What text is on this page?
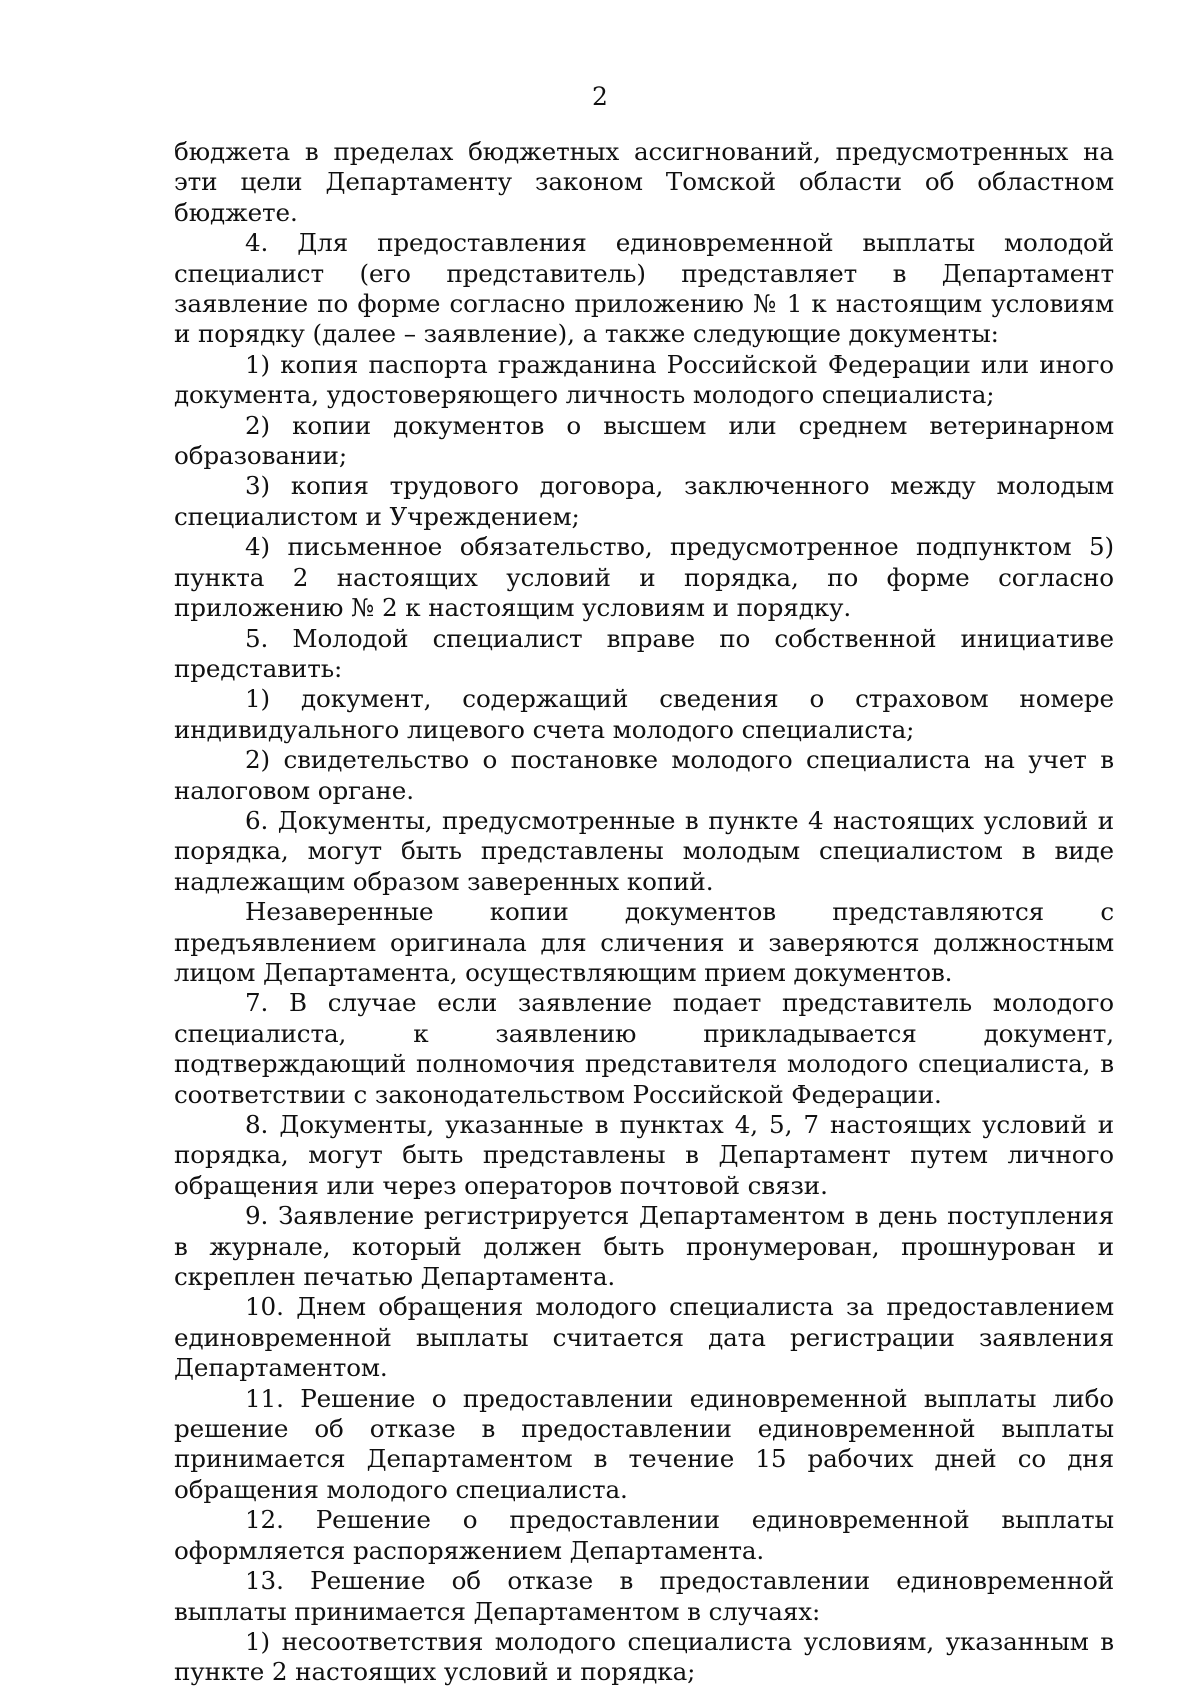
2

бюджета в пределах бюджетных ассигнований, предусмотренных на эти цели Департаменту законом Томской области об областном бюджете.

4. Для предоставления единовременной выплаты молодой специалист (его представитель) представляет в Департамент заявление по форме согласно приложению № 1 к настоящим условиям и порядку (далее – заявление), а также следующие документы:

1) копия паспорта гражданина Российской Федерации или иного документа, удостоверяющего личность молодого специалиста;

2) копии документов о высшем или среднем ветеринарном образовании;

3) копия трудового договора, заключенного между молодым специалистом и Учреждением;

4) письменное обязательство, предусмотренное подпунктом 5) пункта 2 настоящих условий и порядка, по форме согласно приложению № 2 к настоящим условиям и порядку.

5. Молодой специалист вправе по собственной инициативе представить:

1) документ, содержащий сведения о страховом номере индивидуального лицевого счета молодого специалиста;

2) свидетельство о постановке молодого специалиста на учет в налоговом органе.

6. Документы, предусмотренные в пункте 4 настоящих условий и порядка, могут быть представлены молодым специалистом в виде надлежащим образом заверенных копий.

Незаверенные копии документов представляются с предъявлением оригинала для сличения и заверяются должностным лицом Департамента, осуществляющим прием документов.

7. В случае если заявление подает представитель молодого специалиста, к заявлению прикладывается документ, подтверждающий полномочия представителя молодого специалиста, в соответствии с законодательством Российской Федерации.

8. Документы, указанные в пунктах 4, 5, 7 настоящих условий и порядка, могут быть представлены в Департамент путем личного обращения или через операторов почтовой связи.

9. Заявление регистрируется Департаментом в день поступления в журнале, который должен быть пронумерован, прошнурован и скреплен печатью Департамента.

10. Днем обращения молодого специалиста за предоставлением единовременной выплаты считается дата регистрации заявления Департаментом.

11. Решение о предоставлении единовременной выплаты либо решение об отказе в предоставлении единовременной выплаты принимается Департаментом в течение 15 рабочих дней со дня обращения молодого специалиста.

12. Решение о предоставлении единовременной выплаты оформляется распоряжением Департамента.

13. Решение об отказе в предоставлении единовременной выплаты принимается Департаментом в случаях:

1) несоответствия молодого специалиста условиям, указанным в пункте 2 настоящих условий и порядка;
